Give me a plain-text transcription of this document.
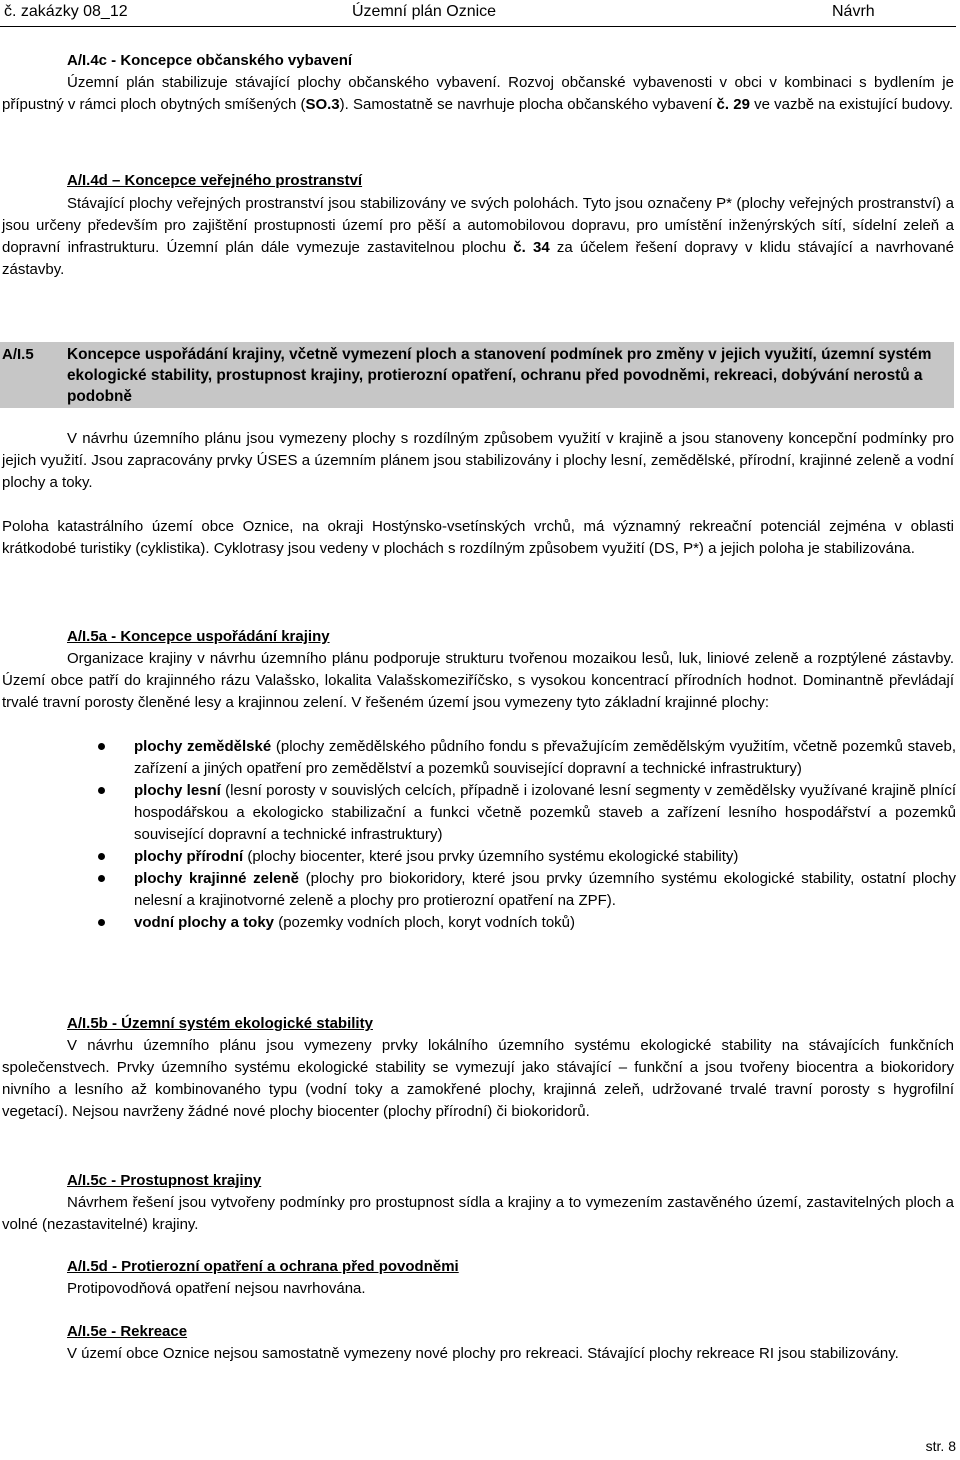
č. zakázky 08_12	Územní plán Oznice	Návrh
A/I.4c - Koncepce občanského vybavení
Územní plán stabilizuje stávající plochy občanského vybavení. Rozvoj občanské vybavenosti v obci v kombinaci s bydlením je přípustný v rámci ploch obytných smíšených (SO.3). Samostatně se navrhuje plocha občanského vybavení č. 29 ve vazbě na existující budovy.
A/I.4d – Koncepce veřejného prostranství
Stávající plochy veřejných prostranství jsou stabilizovány ve svých polohách. Tyto jsou označeny P* (plochy veřejných prostranství) a jsou určeny především pro zajištění prostupnosti území pro pěší a automobilovou dopravu, pro umístění inženýrských sítí, sídelní zeleň a dopravní infrastrukturu. Územní plán dále vymezuje zastavitelnou plochu č. 34 za účelem řešení dopravy v klidu stávající a navrhované zástavby.
A/I.5 Koncepce uspořádání krajiny, včetně vymezení ploch a stanovení podmínek pro změny v jejich využití, územní systém ekologické stability, prostupnost krajiny, protierozní opatření, ochranu před povodněmi, rekreaci, dobývání nerostů a podobně
V návrhu územního plánu jsou vymezeny plochy s rozdílným způsobem využití v krajině a jsou stanoveny koncepční podmínky pro jejich využití. Jsou zapracovány prvky ÚSES a územním plánem jsou stabilizovány i plochy lesní, zemědělské, přírodní, krajinné zeleně a vodní plochy a toky.
Poloha katastrálního území obce Oznice, na okraji Hostýnsko-vsetínských vrchů, má významný rekreační potenciál zejména v oblasti krátkodobé turistiky (cyklistika). Cyklotrasy jsou vedeny v plochách s rozdílným způsobem využití (DS, P*) a jejich poloha je stabilizována.
A/I.5a - Koncepce uspořádání krajiny
Organizace krajiny v návrhu územního plánu podporuje strukturu tvořenou mozaikou lesů, luk, liniové zeleně a rozptýlené zástavby. Území obce patří do krajinného rázu Valašsko, lokalita Valašskomeziříčsko, s vysokou koncentrací přírodních hodnot. Dominantně převládají trvalé travní porosty členěné lesy a krajinnou zelení. V řešeném území jsou vymezeny tyto základní krajinné plochy:
plochy zemědělské (plochy zemědělského půdního fondu s převažujícím zemědělským využitím, včetně pozemků staveb, zařízení a jiných opatření pro zemědělství a pozemků související dopravní a technické infrastruktury)
plochy lesní (lesní porosty v souvislých celcích, případně i izolované lesní segmenty v zemědělsky využívané krajině plnící hospodářskou a ekologicko stabilizační a funkci včetně pozemků staveb a zařízení lesního hospodářství a pozemků související dopravní a technické infrastruktury)
plochy přírodní (plochy biocenter, které jsou prvky územního systému ekologické stability)
plochy krajinné zeleně (plochy pro biokoridory, které jsou prvky územního systému ekologické stability, ostatní plochy nelesní a krajinotvorné zeleně a plochy pro protierozní opatření na ZPF).
vodní plochy a toky (pozemky vodních ploch, koryt vodních toků)
A/I.5b - Územní systém ekologické stability
V návrhu územního plánu jsou vymezeny prvky lokálního územního systému ekologické stability na stávajících funkčních společenstvech. Prvky územního systému ekologické stability se vymezují jako stávající – funkční a jsou tvořeny biocentra a biokoridory nivního a lesního až kombinovaného typu (vodní toky a zamokřené plochy, krajinná zeleň, udržované trvalé travní porosty s hygrofilní vegetací). Nejsou navrženy žádné nové plochy biocenter (plochy přírodní) či biokoridorů.
A/I.5c - Prostupnost krajiny
Návrhem řešení jsou vytvořeny podmínky pro prostupnost sídla a krajiny a to vymezením zastavěného území, zastavitelných ploch a volné (nezastavitelné) krajiny.
A/I.5d - Protierozní opatření a ochrana před povodněmi
Protipovodňová opatření nejsou navrhována.
A/I.5e - Rekreace
V území obce Oznice nejsou samostatně vymezeny nové plochy pro rekreaci. Stávající plochy rekreace RI jsou stabilizovány.
str. 8
